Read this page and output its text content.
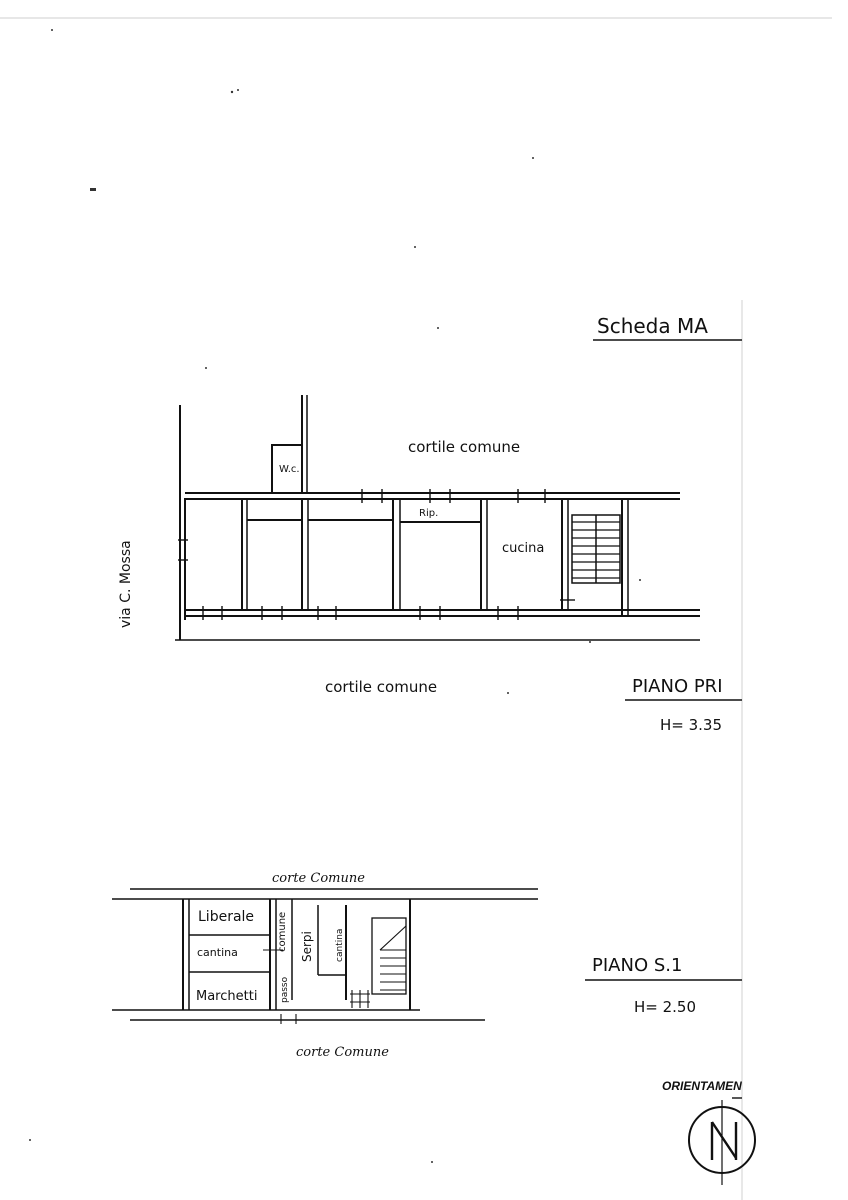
Scheda MA
cortile comune
cortile comune
via C. Mossa
W.c.
Rip.
cucina
PIANO PRI
H= 3.35
corte Comune
corte Comune
Liberale
cantina
Marchetti
comune
passo
Serpi cantina
PIANO S.1
H= 2.50
ORIENTAMEN
